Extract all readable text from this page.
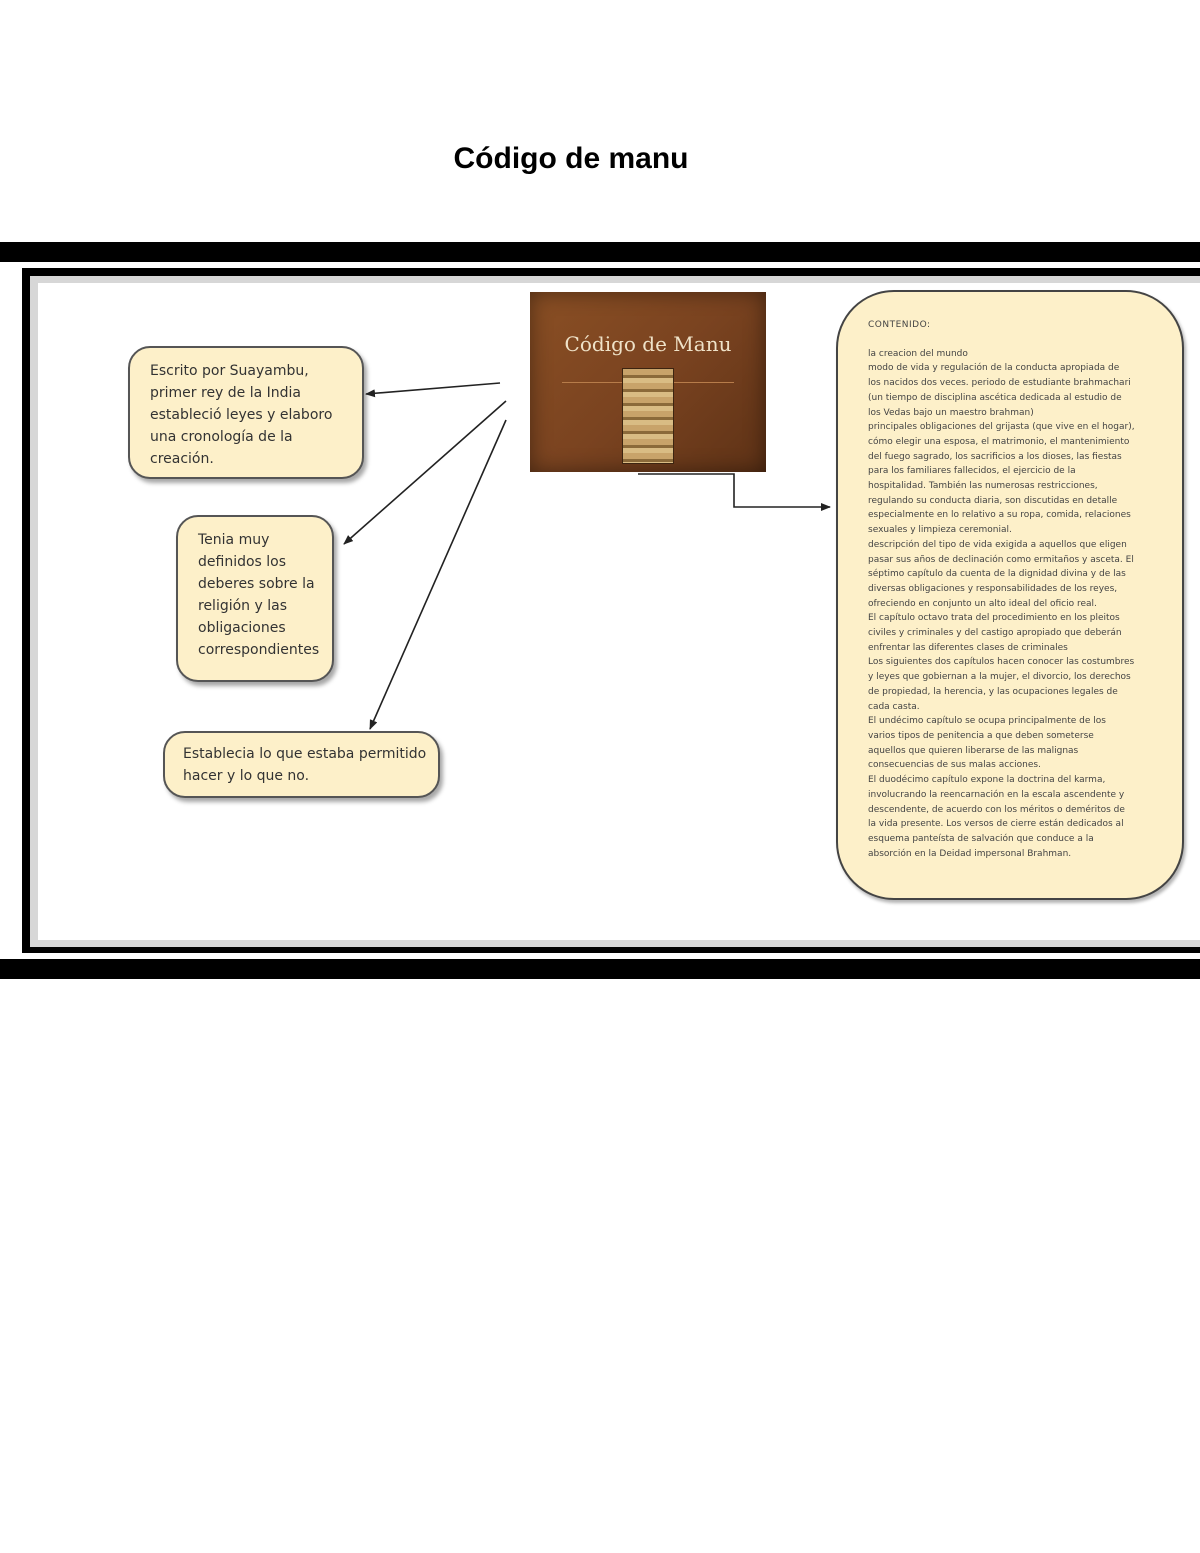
Código de manu
Código de Manu
Escrito por Suayambu,
primer rey de la India
estableció leyes y elaboro
una cronología de la
creación.
Tenia muy
definidos los
deberes sobre la
religión y las
obligaciones
correspondientes
Establecia lo que estaba permitido
hacer y lo que no.
CONTENIDO:
la creacion del mundo
modo de vida y regulación de la conducta apropiada de
los nacidos dos veces. periodo de estudiante brahmachari
(un tiempo de disciplina ascética dedicada al estudio de
los Vedas bajo un maestro brahman)
principales obligaciones del grijasta (que vive en el hogar),
cómo elegir una esposa, el matrimonio, el mantenimiento
del fuego sagrado, los sacrificios a los dioses, las fiestas
para los familiares fallecidos, el ejercicio de la
hospitalidad. También las numerosas restricciones,
regulando su conducta diaria, son discutidas en detalle
especialmente en lo relativo a su ropa, comida, relaciones
sexuales y limpieza ceremonial.
descripción del tipo de vida exigida a aquellos que eligen
pasar sus años de declinación como ermitaños y asceta. El
séptimo capítulo da cuenta de la dignidad divina y de las
diversas obligaciones y responsabilidades de los reyes,
ofreciendo en conjunto un alto ideal del oficio real.
El capítulo octavo trata del procedimiento en los pleitos
civiles y criminales y del castigo apropiado que deberán
enfrentar las diferentes clases de criminales
Los siguientes dos capítulos hacen conocer las costumbres
y leyes que gobiernan a la mujer, el divorcio, los derechos
de propiedad, la herencia, y las ocupaciones legales de
cada casta.
El undécimo capítulo se ocupa principalmente de los
varios tipos de penitencia a que deben someterse
aquellos que quieren liberarse de las malignas
consecuencias de sus malas acciones.
El duodécimo capítulo expone la doctrina del karma,
involucrando la reencarnación en la escala ascendente y
descendente, de acuerdo con los méritos o deméritos de
la vida presente. Los versos de cierre están dedicados al
esquema panteísta de salvación que conduce a la
absorción en la Deidad impersonal Brahman.
